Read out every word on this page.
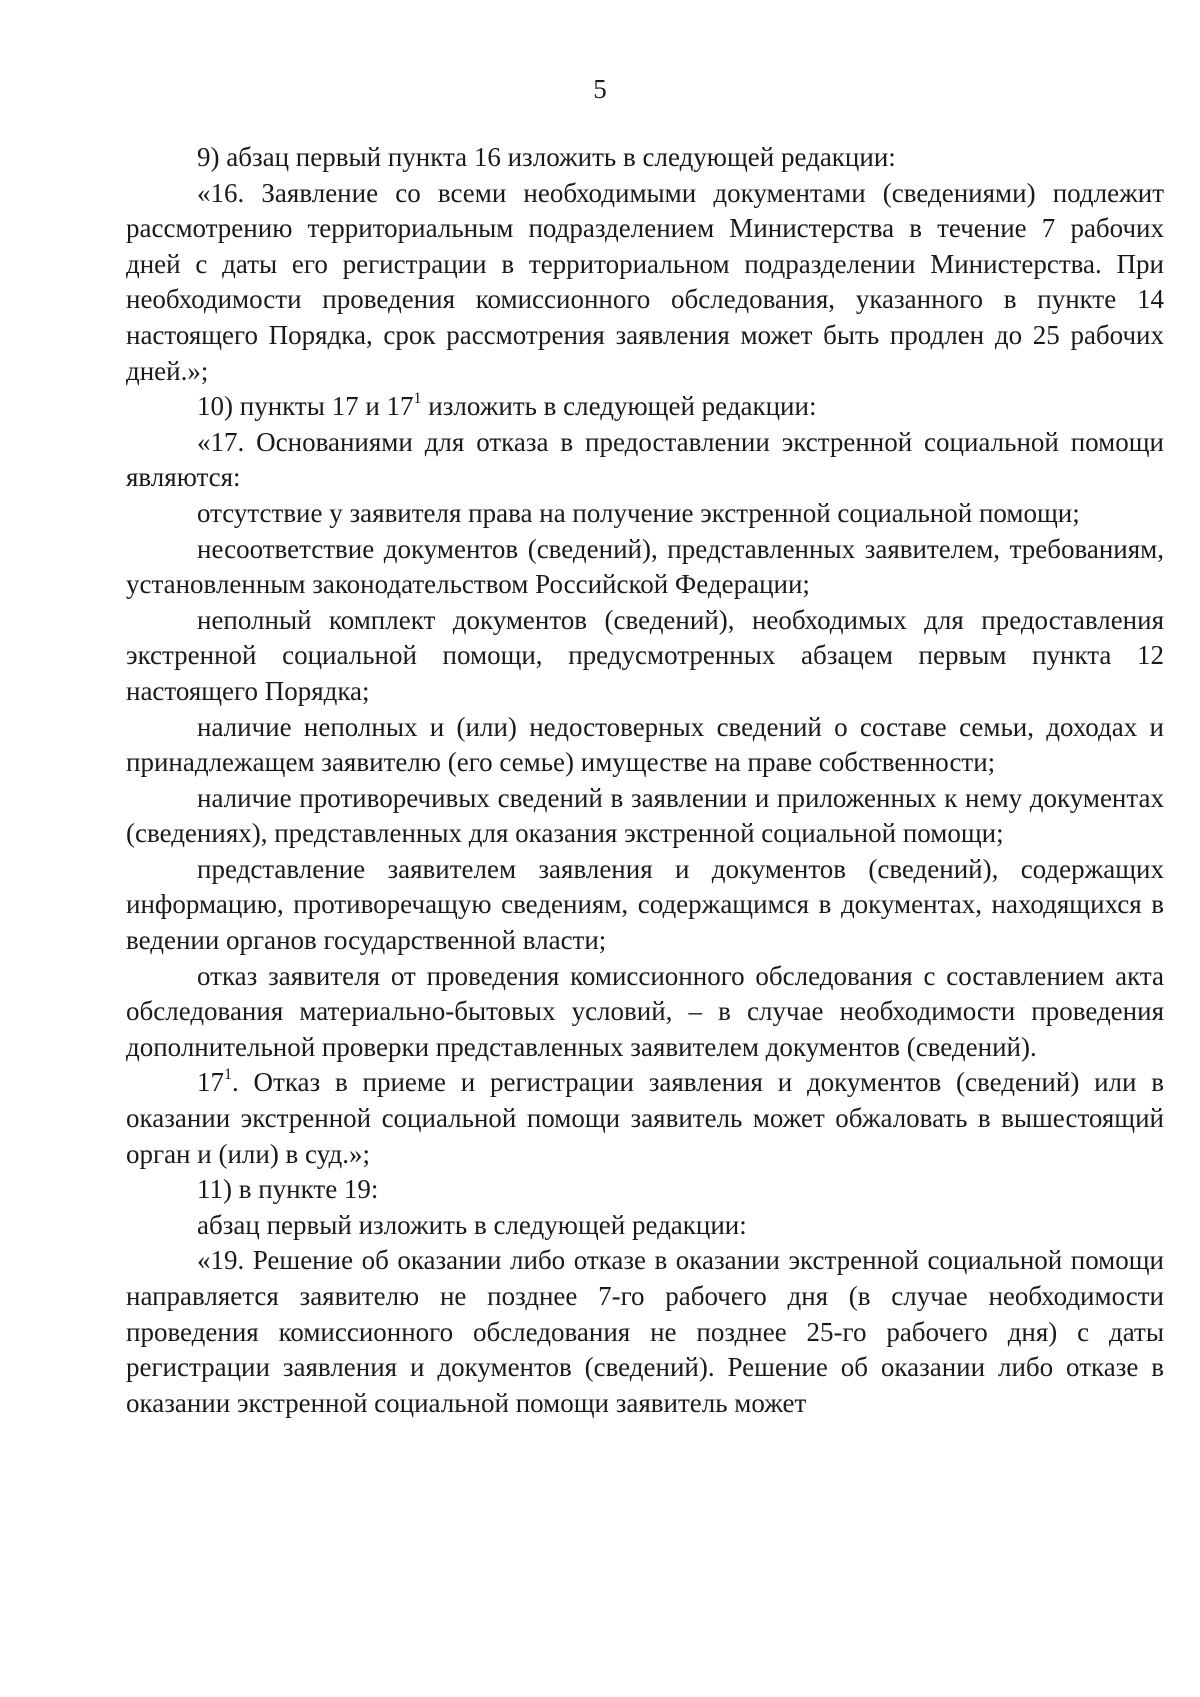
5

9) абзац первый пункта 16 изложить в следующей редакции:

«16. Заявление со всеми необходимыми документами (сведениями) подлежит рассмотрению территориальным подразделением Министерства в течение 7 рабочих дней с даты его регистрации в территориальном подразделении Министерства. При необходимости проведения комиссионного обследования, указанного в пункте 14 настоящего Порядка, срок рассмотрения заявления может быть продлен до 25 рабочих дней.»;

10) пункты 17 и $17^1$ изложить в следующей редакции:

«17. Основаниями для отказа в предоставлении экстренной социальной помощи являются:

отсутствие у заявителя права на получение экстренной социальной помощи;

несоответствие документов (сведений), представленных заявителем, требованиям, установленным законодательством Российской Федерации;

неполный комплект документов (сведений), необходимых для предоставления экстренной социальной помощи, предусмотренных абзацем первым пункта 12 настоящего Порядка;

наличие неполных и (или) недостоверных сведений о составе семьи, доходах и принадлежащем заявителю (его семье) имуществе на праве собственности;

наличие противоречивых сведений в заявлении и приложенных к нему документах (сведениях), представленных для оказания экстренной социальной помощи;

представление заявителем заявления и документов (сведений), содержащих информацию, противоречащую сведениям, содержащимся в документах, находящихся в ведении органов государственной власти;

отказ заявителя от проведения комиссионного обследования с составлением акта обследования материально-бытовых условий, – в случае необходимости проведения дополнительной проверки представленных заявителем документов (сведений).

$17^1$. Отказ в приеме и регистрации заявления и документов (сведений) или в оказании экстренной социальной помощи заявитель может обжаловать в вышестоящий орган и (или) в суд.»;

11) в пункте 19:

абзац первый изложить в следующей редакции:

«19. Решение об оказании либо отказе в оказании экстренной социальной помощи направляется заявителю не позднее 7-го рабочего дня (в случае необходимости проведения комиссионного обследования не позднее 25-го рабочего дня) с даты регистрации заявления и документов (сведений). Решение об оказании либо отказе в оказании экстренной социальной помощи заявитель может
